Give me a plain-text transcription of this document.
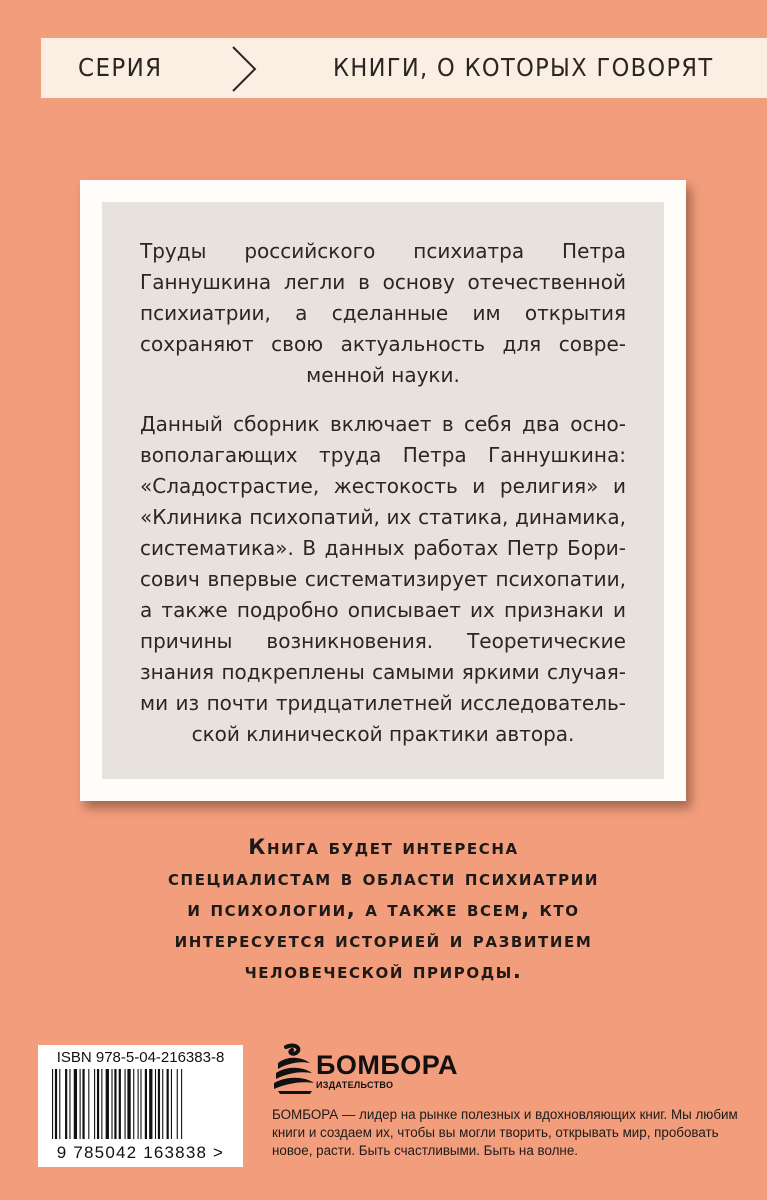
СЕРИЯ	КНИГИ, О КОТОРЫХ ГОВОРЯТ

Труды российского психиатра Петра Ганнушкина легли в основу отечественной психиатрии, а сделанные им открытия сохраняют свою актуальность для современной науки.

Данный сборник включает в себя два основополагающих труда Петра Ганнушкина: «Сладострастие, жестокость и религия» и «Клиника психопатий, их статика, динамика, систематика». В данных работах Петр Борисович впервые систематизирует психопатии, а также подробно описывает их признаки и причины возникновения. Теоретические знания подкреплены самыми яркими случаями из почти тридцатилетней исследовательской клинической практики автора.

Книга будет интересна
специалистам в области психиатрии
и психологии, а также всем, кто
интересуется историей и развитием
человеческой природы.
ISBN 978-5-04-216383-8
9 785042 163838 >
БОМБОРА
ИЗДАТЕЛЬСТВО
БОМБОРА — лидер на рынке полезных и вдохновляющих книг. Мы любим книги и создаем их, чтобы вы могли творить, открывать мир, пробовать новое, расти. Быть счастливыми. Быть на волне.
